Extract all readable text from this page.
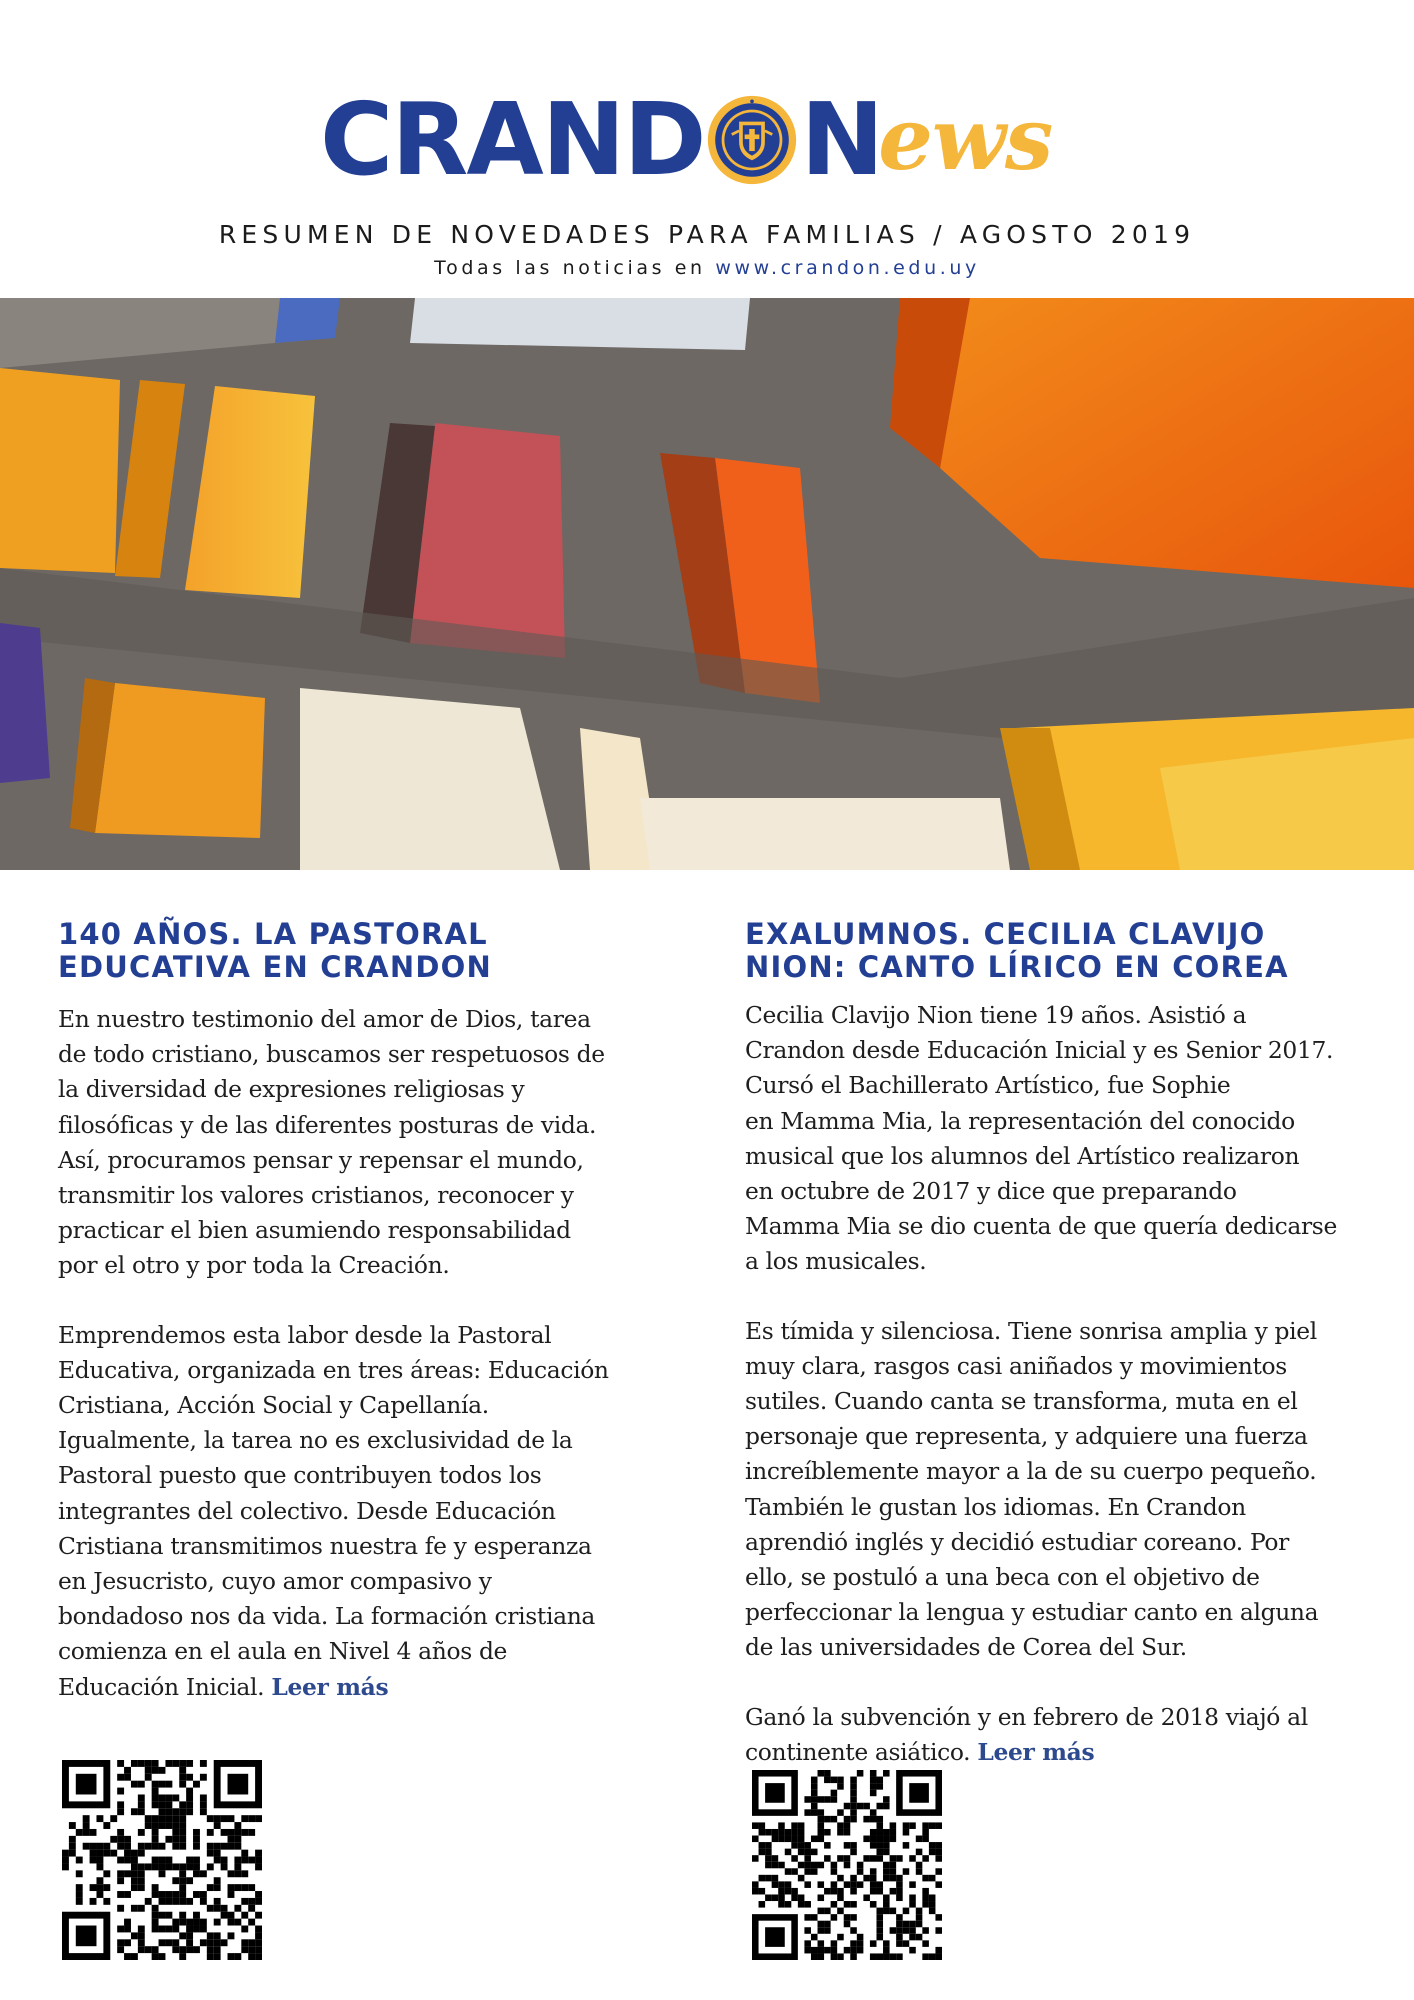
CRAND N
ews
RESUMEN DE NOVEDADES PARA FAMILIAS / AGOSTO 2019
Todas las noticias en www.crandon.edu.uy
140 AÑOS. LA PASTORAL
EDUCATIVA EN CRANDON
En nuestro testimonio del amor de Dios, tarea
de todo cristiano, buscamos ser respetuosos de
la diversidad de expresiones religiosas y
filosóficas y de las diferentes posturas de vida.
Así, procuramos pensar y repensar el mundo,
transmitir los valores cristianos, reconocer y
practicar el bien asumiendo responsabilidad
por el otro y por toda la Creación.
Emprendemos esta labor desde la Pastoral
Educativa, organizada en tres áreas: Educación
Cristiana, Acción Social y Capellanía.
Igualmente, la tarea no es exclusividad de la
Pastoral puesto que contribuyen todos los
integrantes del colectivo. Desde Educación
Cristiana transmitimos nuestra fe y esperanza
en Jesucristo, cuyo amor compasivo y
bondadoso nos da vida. La formación cristiana
comienza en el aula en Nivel 4 años de
Educación Inicial. Leer más
EXALUMNOS. CECILIA CLAVIJO
NION: CANTO LÍRICO EN COREA
Cecilia Clavijo Nion tiene 19 años. Asistió a
Crandon desde Educación Inicial y es Senior 2017.
Cursó el Bachillerato Artístico, fue Sophie
en Mamma Mia, la representación del conocido
musical que los alumnos del Artístico realizaron
en octubre de 2017 y dice que preparando
Mamma Mia se dio cuenta de que quería dedicarse
a los musicales.
Es tímida y silenciosa. Tiene sonrisa amplia y piel
muy clara, rasgos casi aniñados y movimientos
sutiles. Cuando canta se transforma, muta en el
personaje que representa, y adquiere una fuerza
increíblemente mayor a la de su cuerpo pequeño.
También le gustan los idiomas. En Crandon
aprendió inglés y decidió estudiar coreano. Por
ello, se postuló a una beca con el objetivo de
perfeccionar la lengua y estudiar canto en alguna
de las universidades de Corea del Sur.
Ganó la subvención y en febrero de 2018 viajó al
continente asiático. Leer más
